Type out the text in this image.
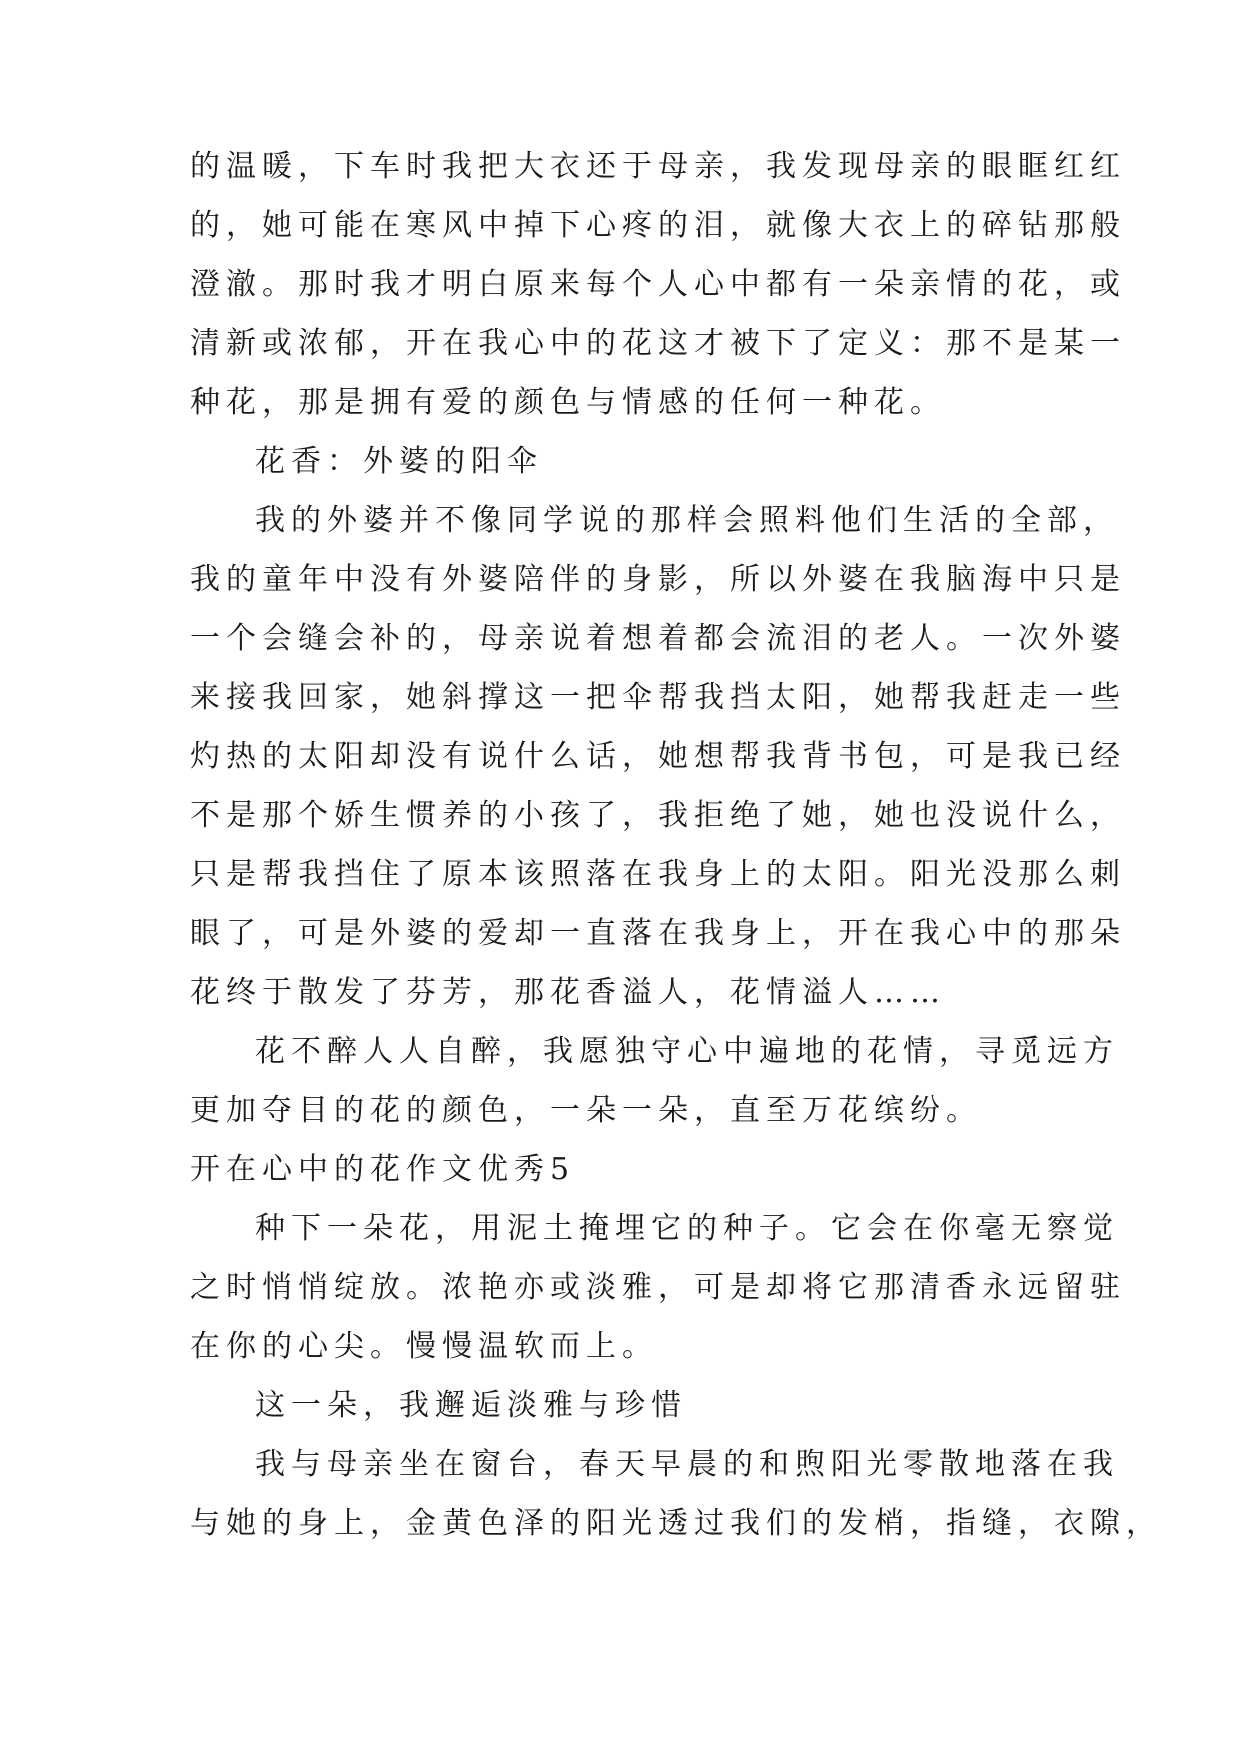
的温暖，下车时我把大衣还于母亲，我发现母亲的眼眶红红
的，她可能在寒风中掉下心疼的泪，就像大衣上的碎钻那般
澄澈。那时我才明白原来每个人心中都有一朵亲情的花，或
清新或浓郁，开在我心中的花这才被下了定义：那不是某一
种花，那是拥有爱的颜色与情感的任何一种花。
花香：外婆的阳伞
我的外婆并不像同学说的那样会照料他们生活的全部，
我的童年中没有外婆陪伴的身影，所以外婆在我脑海中只是
一个会缝会补的，母亲说着想着都会流泪的老人。一次外婆
来接我回家，她斜撑这一把伞帮我挡太阳，她帮我赶走一些
灼热的太阳却没有说什么话，她想帮我背书包，可是我已经
不是那个娇生惯养的小孩了，我拒绝了她，她也没说什么，
只是帮我挡住了原本该照落在我身上的太阳。阳光没那么刺
眼了，可是外婆的爱却一直落在我身上，开在我心中的那朵
花终于散发了芬芳，那花香溢人，花情溢人……
花不醉人人自醉，我愿独守心中遍地的花情，寻觅远方
更加夺目的花的颜色，一朵一朵，直至万花缤纷。
开在心中的花作文优秀5
种下一朵花，用泥土掩埋它的种子。它会在你毫无察觉
之时悄悄绽放。浓艳亦或淡雅，可是却将它那清香永远留驻
在你的心尖。慢慢温软而上。
这一朵，我邂逅淡雅与珍惜
我与母亲坐在窗台，春天早晨的和煦阳光零散地落在我
与她的身上，金黄色泽的阳光透过我们的发梢，指缝，衣隙，
